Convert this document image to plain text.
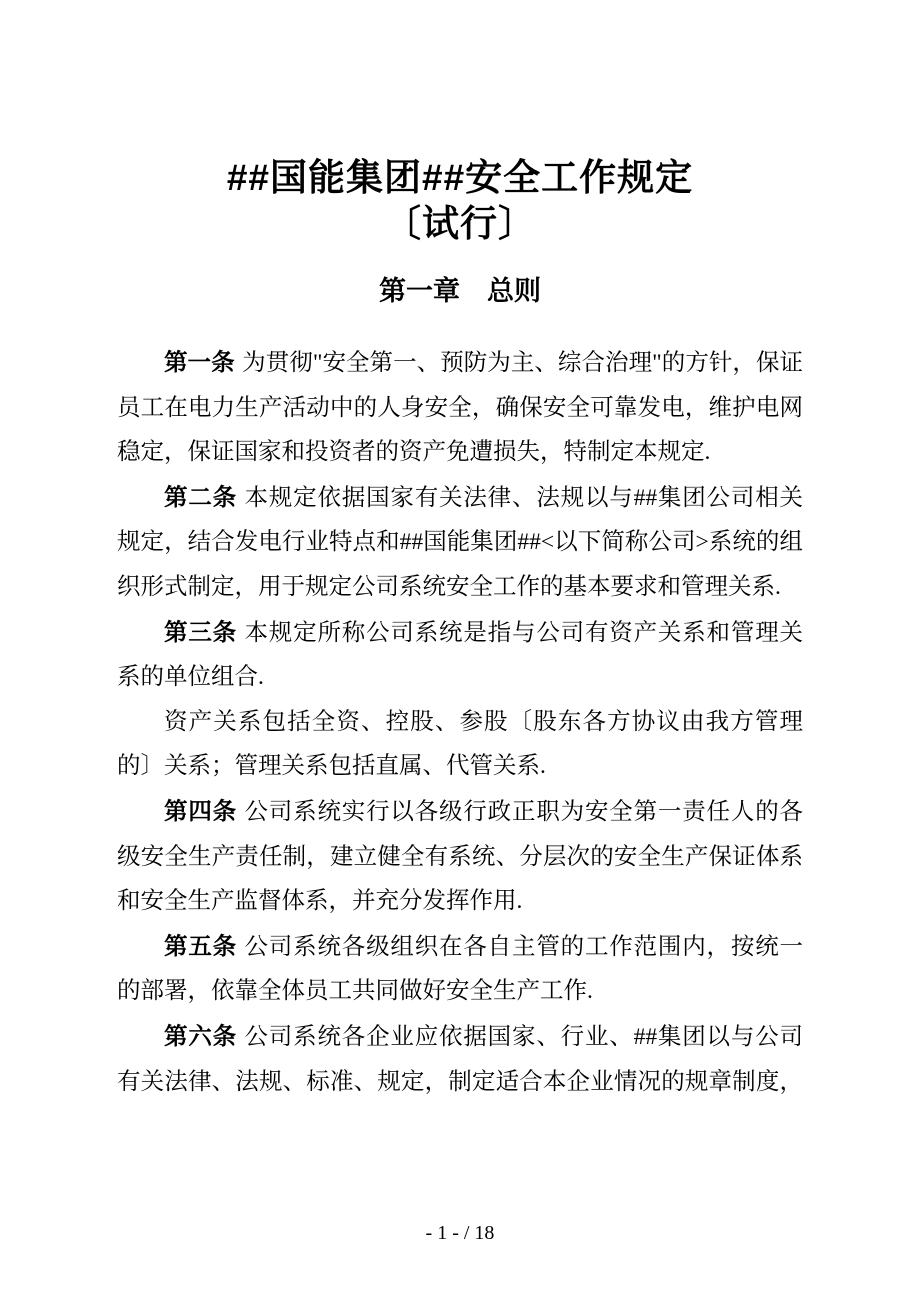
##国能集团##安全工作规定
〔试行〕
第一章　总则

第一条 为贯彻"安全第一、预防为主、综合治理"的方针，保证员工在电力生产活动中的人身安全，确保安全可靠发电，维护电网稳定，保证国家和投资者的资产免遭损失，特制定本规定.

第二条 本规定依据国家有关法律、法规以与##集团公司相关规定，结合发电行业特点和##国能集团##<以下简称公司>系统的组织形式制定，用于规定公司系统安全工作的基本要求和管理关系.

第三条 本规定所称公司系统是指与公司有资产关系和管理关系的单位组合.

资产关系包括全资、控股、参股〔股东各方协议由我方管理的〕关系；管理关系包括直属、代管关系.

第四条 公司系统实行以各级行政正职为安全第一责任人的各级安全生产责任制，建立健全有系统、分层次的安全生产保证体系和安全生产监督体系，并充分发挥作用.

第五条 公司系统各级组织在各自主管的工作范围内，按统一的部署，依靠全体员工共同做好安全生产工作.

第六条 公司系统各企业应依据国家、行业、##集团以与公司有关法律、法规、标准、规定，制定适合本企业情况的规章制度，

- 1 - / 18
